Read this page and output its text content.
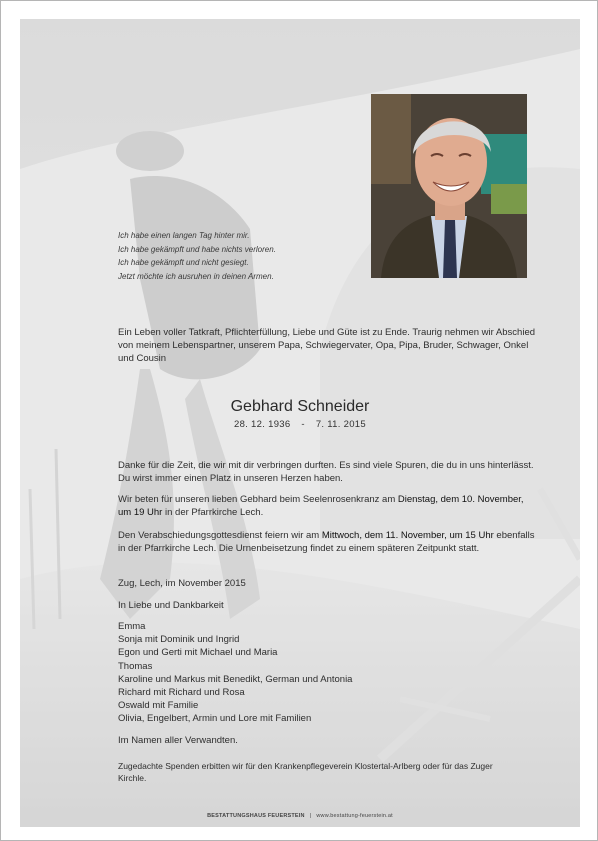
Ich habe einen langen Tag hinter mir.
Ich habe gekämpft und habe nichts verloren.
Ich habe gekämpft und nicht gesiegt.
Jetzt möchte ich ausruhen in deinen Armen.
Ein Leben voller Tatkraft, Pflichterfüllung, Liebe und Güte ist zu Ende. Traurig nehmen wir Abschied von meinem Lebenspartner, unserem Papa, Schwiegervater, Opa, Pipa, Bruder, Schwager, Onkel und Cousin
Gebhard Schneider
28. 12. 1936 - 7. 11. 2015
Danke für die Zeit, die wir mit dir verbringen durften. Es sind viele Spuren, die du in uns hinterlässt. Du wirst immer einen Platz in unseren Herzen haben.
Wir beten für unseren lieben Gebhard beim Seelenrosenkranz am Dienstag, dem 10. November, um 19 Uhr in der Pfarrkirche Lech.
Den Verabschiedungsgottesdienst feiern wir am Mittwoch, dem 11. November, um 15 Uhr ebenfalls in der Pfarrkirche Lech. Die Urnenbeisetzung findet zu einem späteren Zeitpunkt statt.
Zug, Lech, im November 2015
In Liebe und Dankbarkeit
Emma
Sonja mit Dominik und Ingrid
Egon und Gerti mit Michael und Maria
Thomas
Karoline und Markus mit Benedikt, German und Antonia
Richard mit Richard und Rosa
Oswald mit Familie
Olivia, Engelbert, Armin und Lore mit Familien
Im Namen aller Verwandten.
Zugedachte Spenden erbitten wir für den Krankenpflegeverein Klostertal-Arlberg oder für das Zuger Kirchle.
BESTATTUNGSHAUS FEUERSTEIN | www.bestattung-feuerstein.at
